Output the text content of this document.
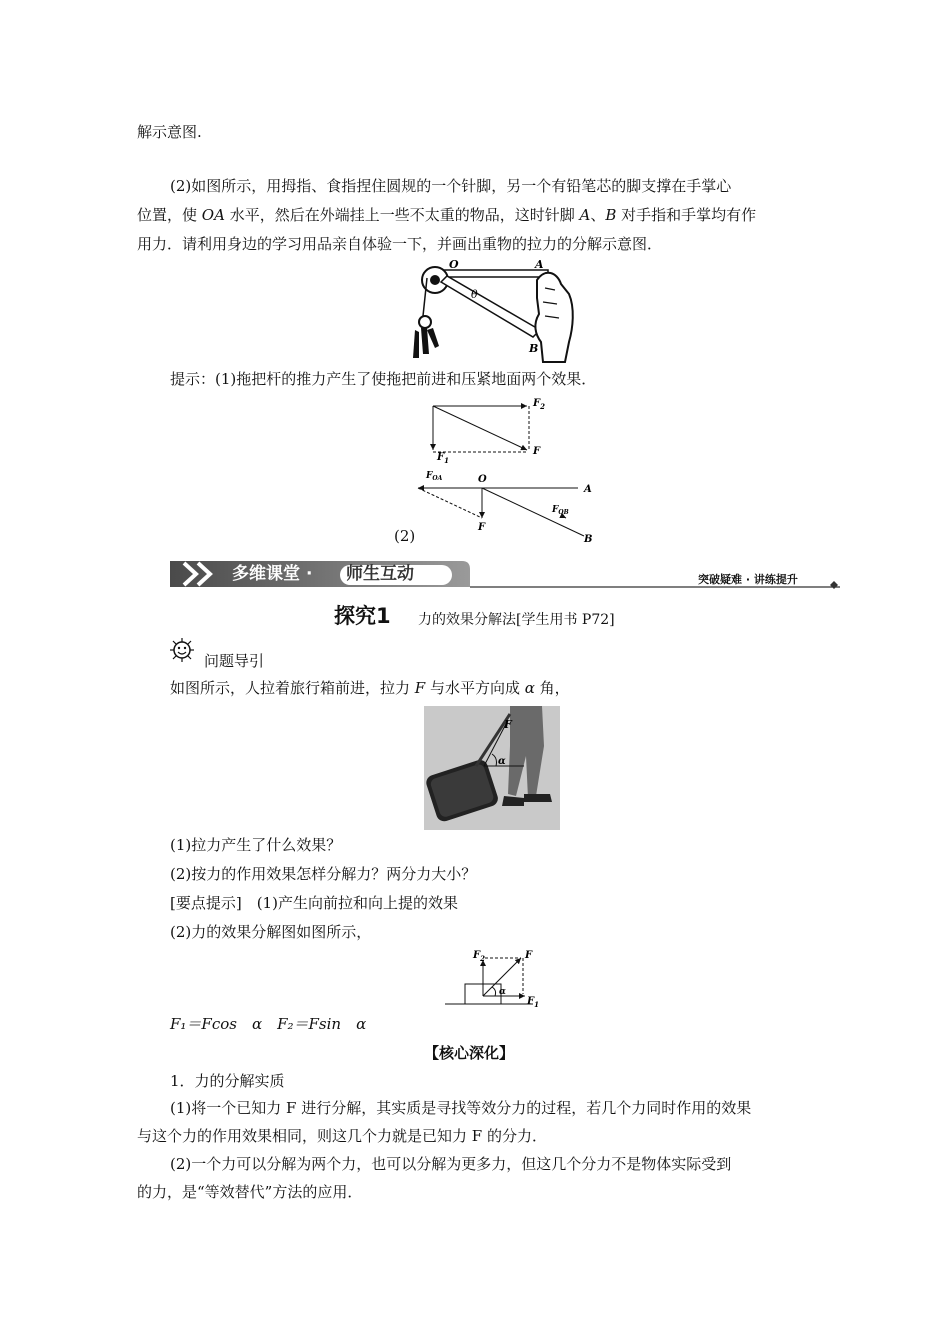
解示意图.
(2)如图所示，用拇指、食指捏住圆规的一个针脚，另一个有铅笔芯的脚支撑在手掌心
位置，使 OA 水平，然后在外端挂上一些不太重的物品，这时针脚 A、B 对手指和手掌均有作
用力．请利用身边的学习用品亲自体验一下，并画出重物的拉力的分解示意图．
O	A
θ
B
提示：(1)拖把杆的推力产生了使拖把前进和压紧地面两个效果．
$F_2$
$F_1$
F
$F_{OA}$	O
A
$F_{OB}$
F
B
(2)
多维课堂 · 师生互动	突破疑难 · 讲练提升
探究1 力的效果分解法[学生用书 P72]
问题导引
如图所示，人拉着旅行箱前进，拉力 F 与水平方向成 α 角，
F
α
(1)拉力产生了什么效果？
(2)按力的作用效果怎样分解力？两分力大小？
[要点提示]　(1)产生向前拉和向上提的效果
(2)力的效果分解图如图所示，
$F_2$	F
α
$F_1$
F₁＝Fcos　α　F₂＝Fsin　α
【核心深化】
1．力的分解实质
(1)将一个已知力 F 进行分解，其实质是寻找等效分力的过程，若几个力同时作用的效果
与这个力的作用效果相同，则这几个力就是已知力 F 的分力．
(2)一个力可以分解为两个力，也可以分解为更多力，但这几个分力不是物体实际受到
的力，是“等效替代”方法的应用．
